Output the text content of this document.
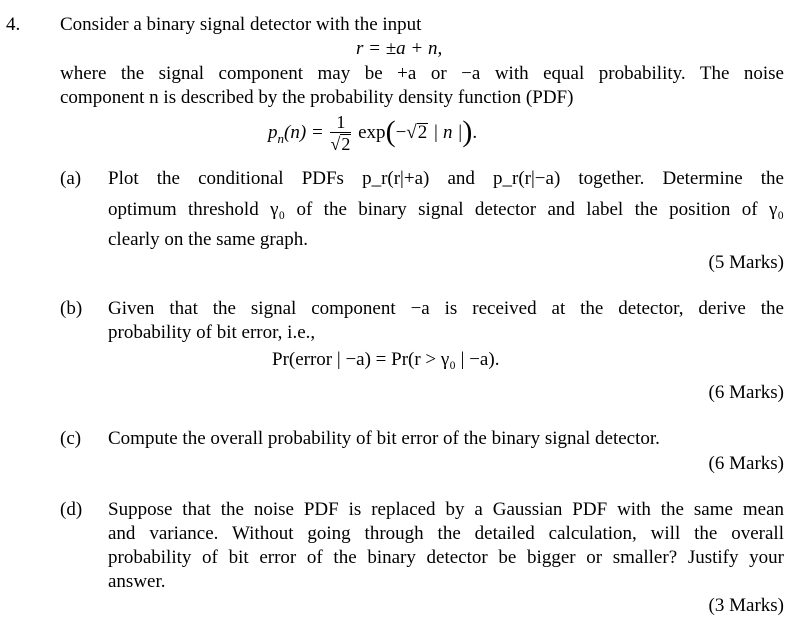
4. Consider a binary signal detector with the input
r = ±a + n,
where the signal component may be +a or −a with equal probability. The noise
component n is described by the probability density function (PDF)
$p_n(n) = \frac{1}{√2} \exp(-√2$ | n |).
(a) Plot the conditional PDFs p_r(r|+a) and p_r(r|−a) together. Determine the
optimum threshold γ₀ of the binary signal detector and label the position of γ₀
clearly on the same graph.
(5 Marks)
(b) Given that the signal component −a is received at the detector, derive the
probability of bit error, i.e.,
Pr(error | −a) = Pr(r > γ₀ | −a).
(6 Marks)
(c) Compute the overall probability of bit error of the binary signal detector.
(6 Marks)
(d) Suppose that the noise PDF is replaced by a Gaussian PDF with the same mean
and variance. Without going through the detailed calculation, will the overall
probability of bit error of the binary detector be bigger or smaller? Justify your
answer.
(3 Marks)
